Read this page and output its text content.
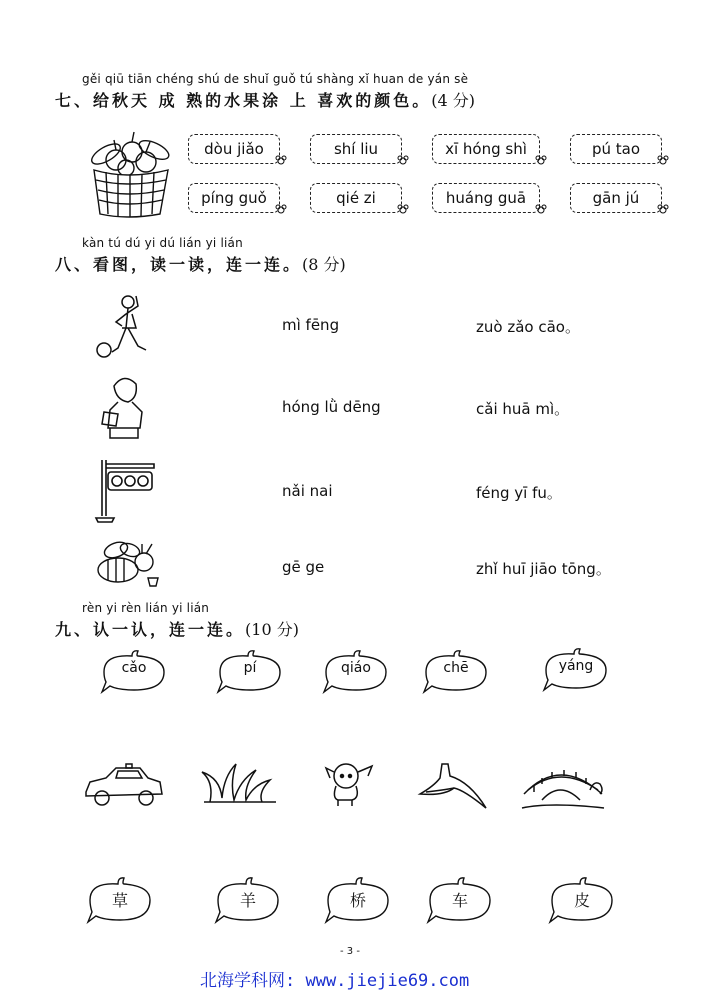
gěi qiū tiān chéng shú de shuǐ guǒ tú shàng xǐ huan de yán sè
七、给秋天 成 熟的水果涂 上 喜欢的颜色。(4 分)
dòu jiǎo	shí liu	xī hóng shì	pú tao
píng guǒ	qié zi	huáng guā	gān jú
kàn tú dú yi dú lián yi lián
八、看图，读一读，连一连。(8 分)
mì fēng	zuò zǎo cāo。
hóng lǜ dēng	cǎi huā mì。
nǎi nai	féng yī fu。
gē ge	zhǐ huī jiāo tōng。
rèn yi rèn lián yi lián
九、认一认，连一连。(10 分)
cǎo	pí	qiáo	chē	yáng
草	羊	桥	车	皮
- 3 -
北海学科网: www.jiejie69.com
